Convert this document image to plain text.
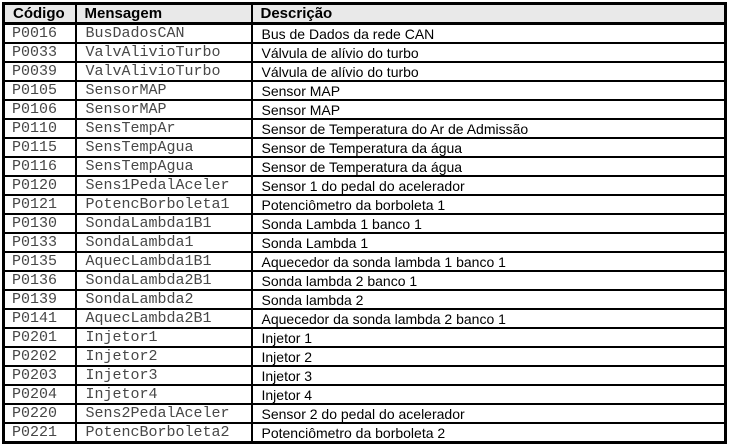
Código	Mensagem	Descrição
P0016	BusDadosCAN	Bus de Dados da rede CAN
P0033	ValvAlivioTurbo	Válvula de alívio do turbo
P0039	ValvAlivioTurbo	Válvula de alívio do turbo
P0105	SensorMAP	Sensor MAP
P0106	SensorMAP	Sensor MAP
P0110	SensTempAr	Sensor de Temperatura do Ar de Admissão
P0115	SensTempAgua	Sensor de Temperatura da água
P0116	SensTempAgua	Sensor de Temperatura da água
P0120	Sens1PedalAceler	Sensor 1 do pedal do acelerador
P0121	PotencBorboleta1	Potenciômetro da borboleta 1
P0130	SondaLambda1B1	Sonda Lambda 1 banco 1
P0133	SondaLambda1	Sonda Lambda 1
P0135	AquecLambda1B1	Aquecedor da sonda lambda 1 banco 1
P0136	SondaLambda2B1	Sonda lambda 2 banco 1
P0139	SondaLambda2	Sonda lambda 2
P0141	AquecLambda2B1	Aquecedor da sonda lambda 2 banco 1
P0201	Injetor1	Injetor 1
P0202	Injetor2	Injetor 2
P0203	Injetor3	Injetor 3
P0204	Injetor4	Injetor 4
P0220	Sens2PedalAceler	Sensor 2 do pedal do acelerador
P0221	PotencBorboleta2	Potenciômetro da borboleta 2
